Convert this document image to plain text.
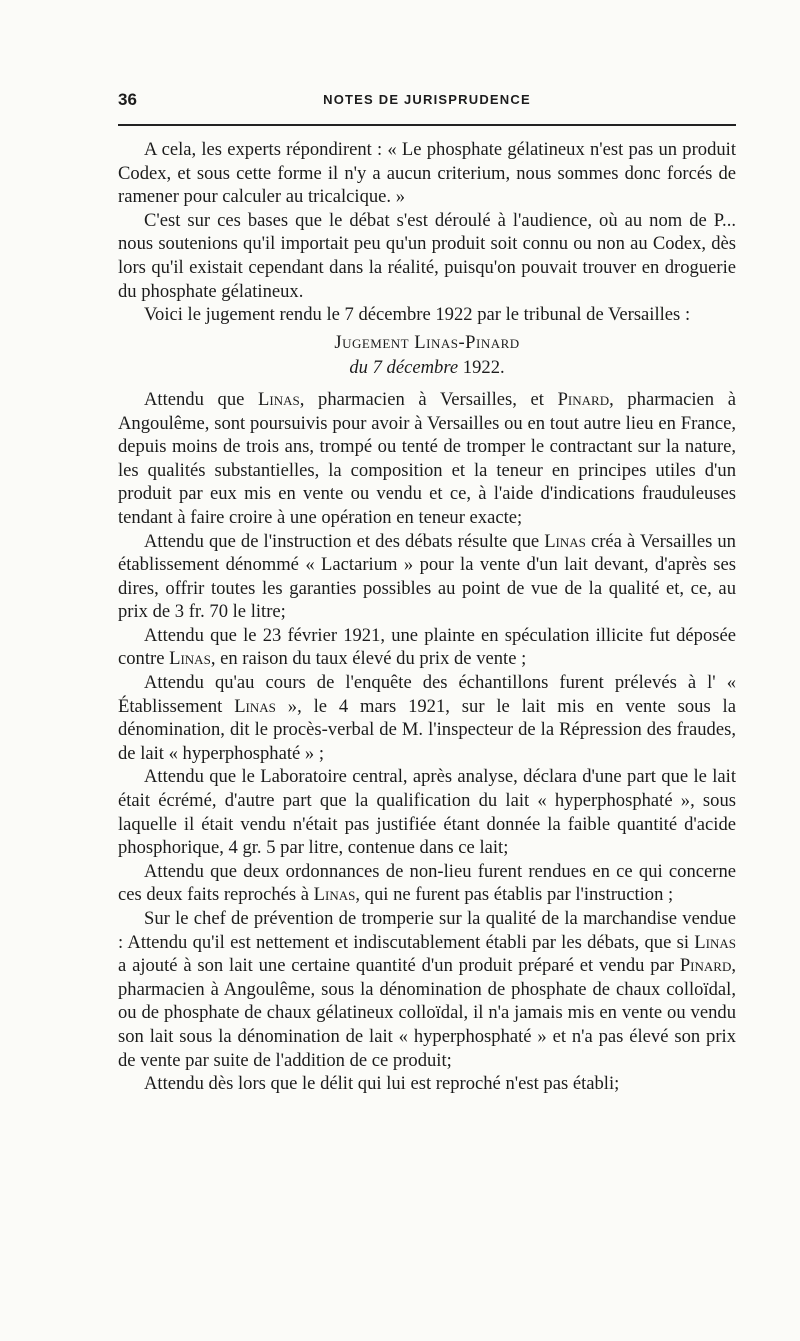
36	NOTES DE JURISPRUDENCE

A cela, les experts répondirent : « Le phosphate gélatineux n'est pas un produit Codex, et sous cette forme il n'y a aucun criterium, nous sommes donc forcés de ramener pour calculer au tricalcique. »

C'est sur ces bases que le débat s'est déroulé à l'audience, où au nom de P... nous soutenions qu'il importait peu qu'un produit soit connu ou non au Codex, dès lors qu'il existait cependant dans la réalité, puisqu'on pouvait trouver en droguerie du phosphate gélatineux.

Voici le jugement rendu le 7 décembre 1922 par le tribunal de Versailles :

Jugement Linas-Pinard

du 7 décembre 1922.

Attendu que Linas, pharmacien à Versailles, et Pinard, pharmacien à Angoulême, sont poursuivis pour avoir à Versailles ou en tout autre lieu en France, depuis moins de trois ans, trompé ou tenté de tromper le contractant sur la nature, les qualités substantielles, la composition et la teneur en principes utiles d'un produit par eux mis en vente ou vendu et ce, à l'aide d'indications frauduleuses tendant à faire croire à une opération en teneur exacte;

Attendu que de l'instruction et des débats résulte que Linas créa à Versailles un établissement dénommé « Lactarium » pour la vente d'un lait devant, d'après ses dires, offrir toutes les garanties possibles au point de vue de la qualité et, ce, au prix de 3 fr. 70 le litre;

Attendu que le 23 février 1921, une plainte en spéculation illicite fut déposée contre Linas, en raison du taux élevé du prix de vente ;

Attendu qu'au cours de l'enquête des échantillons furent prélevés à l' « Établissement Linas », le 4 mars 1921, sur le lait mis en vente sous la dénomination, dit le procès-verbal de M. l'inspecteur de la Répression des fraudes, de lait « hyperphosphaté » ;

Attendu que le Laboratoire central, après analyse, déclara d'une part que le lait était écrémé, d'autre part que la qualification du lait « hyperphosphaté », sous laquelle il était vendu n'était pas justifiée étant donnée la faible quantité d'acide phosphorique, 4 gr. 5 par litre, contenue dans ce lait;

Attendu que deux ordonnances de non-lieu furent rendues en ce qui concerne ces deux faits reprochés à Linas, qui ne furent pas établis par l'instruction ;

Sur le chef de prévention de tromperie sur la qualité de la marchandise vendue : Attendu qu'il est nettement et indiscutablement établi par les débats, que si Linas a ajouté à son lait une certaine quantité d'un produit préparé et vendu par Pinard, pharmacien à Angoulême, sous la dénomination de phosphate de chaux colloïdal, ou de phosphate de chaux gélatineux colloïdal, il n'a jamais mis en vente ou vendu son lait sous la dénomination de lait « hyperphosphaté » et n'a pas élevé son prix de vente par suite de l'addition de ce produit;

Attendu dès lors que le délit qui lui est reproché n'est pas établi;
